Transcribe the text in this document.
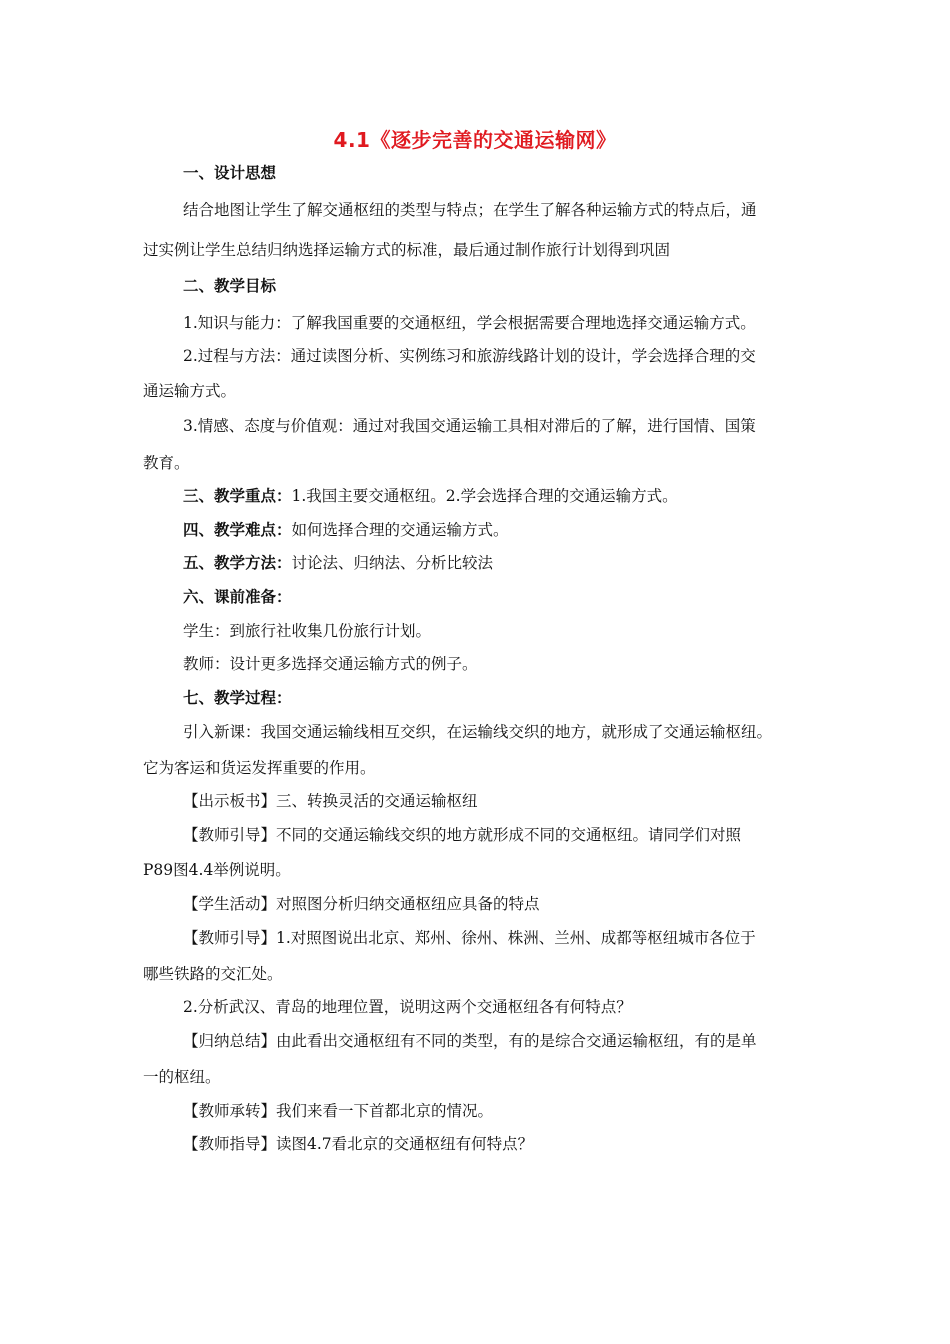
4.1《逐步完善的交通运输网》
一、设计思想
结合地图让学生了解交通枢纽的类型与特点；在学生了解各种运输方式的特点后，通
过实例让学生总结归纳选择运输方式的标准，最后通过制作旅行计划得到巩固
二、教学目标
1.知识与能力：了解我国重要的交通枢纽，学会根据需要合理地选择交通运输方式。
2.过程与方法：通过读图分析、实例练习和旅游线路计划的设计，学会选择合理的交
通运输方式。
3.情感、态度与价值观：通过对我国交通运输工具相对滞后的了解，进行国情、国策
教育。
三、教学重点：1.我国主要交通枢纽。2.学会选择合理的交通运输方式。
四、教学难点：如何选择合理的交通运输方式。
五、教学方法：讨论法、归纳法、分析比较法
六、课前准备：
学生：到旅行社收集几份旅行计划。
教师：设计更多选择交通运输方式的例子。
七、教学过程：
引入新课：我国交通运输线相互交织，在运输线交织的地方，就形成了交通运输枢纽。
它为客运和货运发挥重要的作用。
【出示板书】三、转换灵活的交通运输枢纽
【教师引导】不同的交通运输线交织的地方就形成不同的交通枢纽。请同学们对照
P89图4.4举例说明。
【学生活动】对照图分析归纳交通枢纽应具备的特点
【教师引导】1.对照图说出北京、郑州、徐州、株洲、兰州、成都等枢纽城市各位于
哪些铁路的交汇处。
2.分析武汉、青岛的地理位置，说明这两个交通枢纽各有何特点？
【归纳总结】由此看出交通枢纽有不同的类型，有的是综合交通运输枢纽，有的是单
一的枢纽。
【教师承转】我们来看一下首都北京的情况。
【教师指导】读图4.7看北京的交通枢纽有何特点？
